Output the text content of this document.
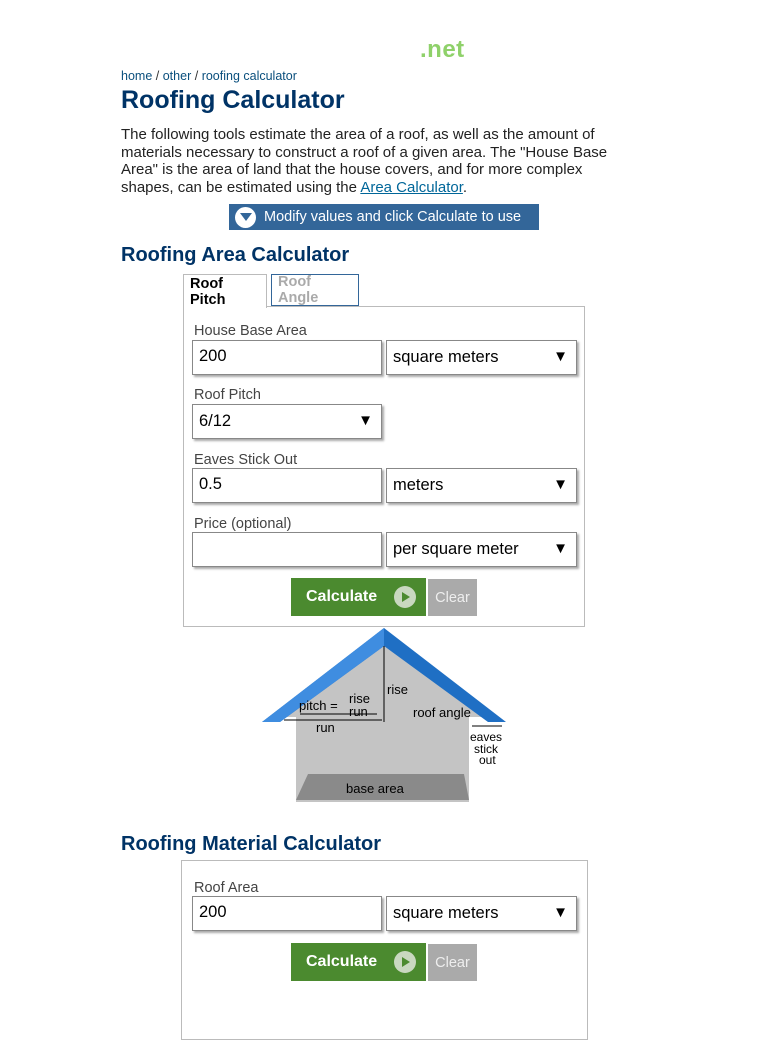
.net
home / other / roofing calculator
Roofing Calculator

The following tools estimate the area of a roof, as well as the amount of materials necessary to construct a roof of a given area. The "House Base Area" is the area of land that the house covers, and for more complex shapes, can be estimated using the Area Calculator.

Modify values and click Calculate to use
Roofing Area Calculator
Roof Pitch
Roof Angle
House Base Area
200	square meters	▼
Roof Pitch
6/12	▼
Eaves Stick Out
0.5	meters	▼
Price (optional)
per square meter ▼
Calculate	Clear
pitch = rise
run
rise
run
roof angle
eaves
stick
out
base area
Roofing Material Calculator
Roof Area
200	square meters	▼
Calculate	Clear
